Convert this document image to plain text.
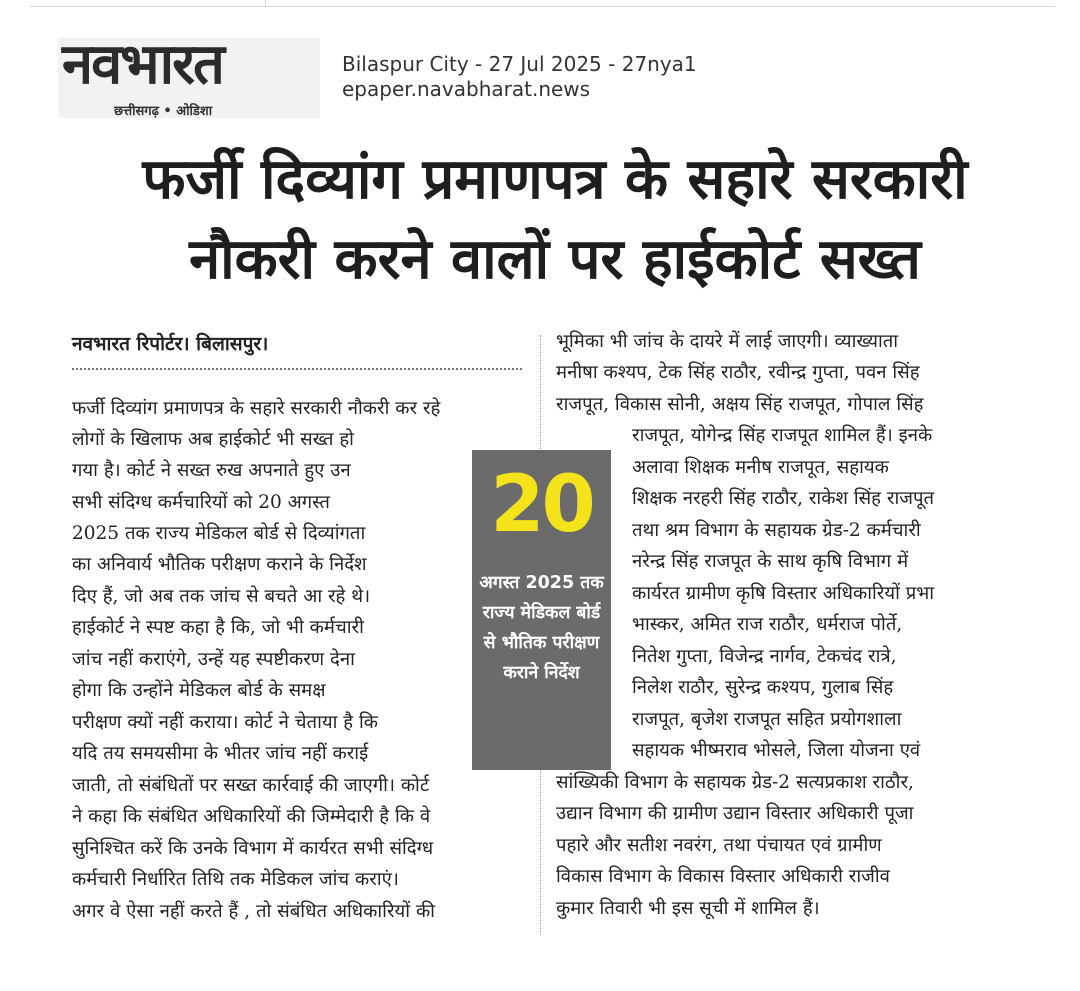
नवभारत
छत्तीसगढ़ • ओडिशा
Bilaspur City - 27 Jul 2025 - 27nya1
epaper.navabharat.news
फर्जी दिव्यांग प्रमाणपत्र के सहारे सरकारी
नौकरी करने वालों पर हाईकोर्ट सख्त
नवभारत रिपोर्टर। बिलासपुर।
20
अगस्त 2025 तक राज्य मेडिकल बोर्ड से भौतिक परीक्षण कराने निर्देश
फर्जी दिव्यांग प्रमाणपत्र के सहारे सरकारी नौकरी कर रहे
लोगों के खिलाफ अब हाईकोर्ट भी सख्त हो
गया है। कोर्ट ने सख्त रुख अपनाते हुए उन
सभी संदिग्ध कर्मचारियों को 20 अगस्त
2025 तक राज्य मेडिकल बोर्ड से दिव्यांगता
का अनिवार्य भौतिक परीक्षण कराने के निर्देश
दिए हैं, जो अब तक जांच से बचते आ रहे थे।
हाईकोर्ट ने स्पष्ट कहा है कि, जो भी कर्मचारी
जांच नहीं कराएंगे, उन्हें यह स्पष्टीकरण देना
होगा कि उन्होंने मेडिकल बोर्ड के समक्ष
परीक्षण क्यों नहीं कराया। कोर्ट ने चेताया है कि
यदि तय समयसीमा के भीतर जांच नहीं कराई
जाती, तो संबंधितों पर सख्त कार्रवाई की जाएगी। कोर्ट
ने कहा कि संबंधित अधिकारियों की जिम्मेदारी है कि वे
सुनिश्चित करें कि उनके विभाग में कार्यरत सभी संदिग्ध
कर्मचारी निर्धारित तिथि तक मेडिकल जांच कराएं।
अगर वे ऐसा नहीं करते हैं , तो संबंधित अधिकारियों की
भूमिका भी जांच के दायरे में लाई जाएगी। व्याख्याता
मनीषा कश्यप, टेक सिंह राठौर, रवीन्द्र गुप्ता, पवन सिंह
राजपूत, विकास सोनी, अक्षय सिंह राजपूत, गोपाल सिंह
राजपूत, योगेन्द्र सिंह राजपूत शामिल हैं। इनके
अलावा शिक्षक मनीष राजपूत, सहायक
शिक्षक नरहरी सिंह राठौर, राकेश सिंह राजपूत
तथा श्रम विभाग के सहायक ग्रेड-2 कर्मचारी
नरेन्द्र सिंह राजपूत के साथ कृषि विभाग में
कार्यरत ग्रामीण कृषि विस्तार अधिकारियों प्रभा
भास्कर, अमित राज राठौर, धर्मराज पोर्ते,
नितेश गुप्ता, विजेन्द्र नार्गव, टेकचंद रात्रे,
निलेश राठौर, सुरेन्द्र कश्यप, गुलाब सिंह
राजपूत, बृजेश राजपूत सहित प्रयोगशाला
सहायक भीष्मराव भोसले, जिला योजना एवं
सांख्यिकी विभाग के सहायक ग्रेड-2 सत्यप्रकाश राठौर,
उद्यान विभाग की ग्रामीण उद्यान विस्तार अधिकारी पूजा
पहारे और सतीश नवरंग, तथा पंचायत एवं ग्रामीण
विकास विभाग के विकास विस्तार अधिकारी राजीव
कुमार तिवारी भी इस सूची में शामिल हैं।
